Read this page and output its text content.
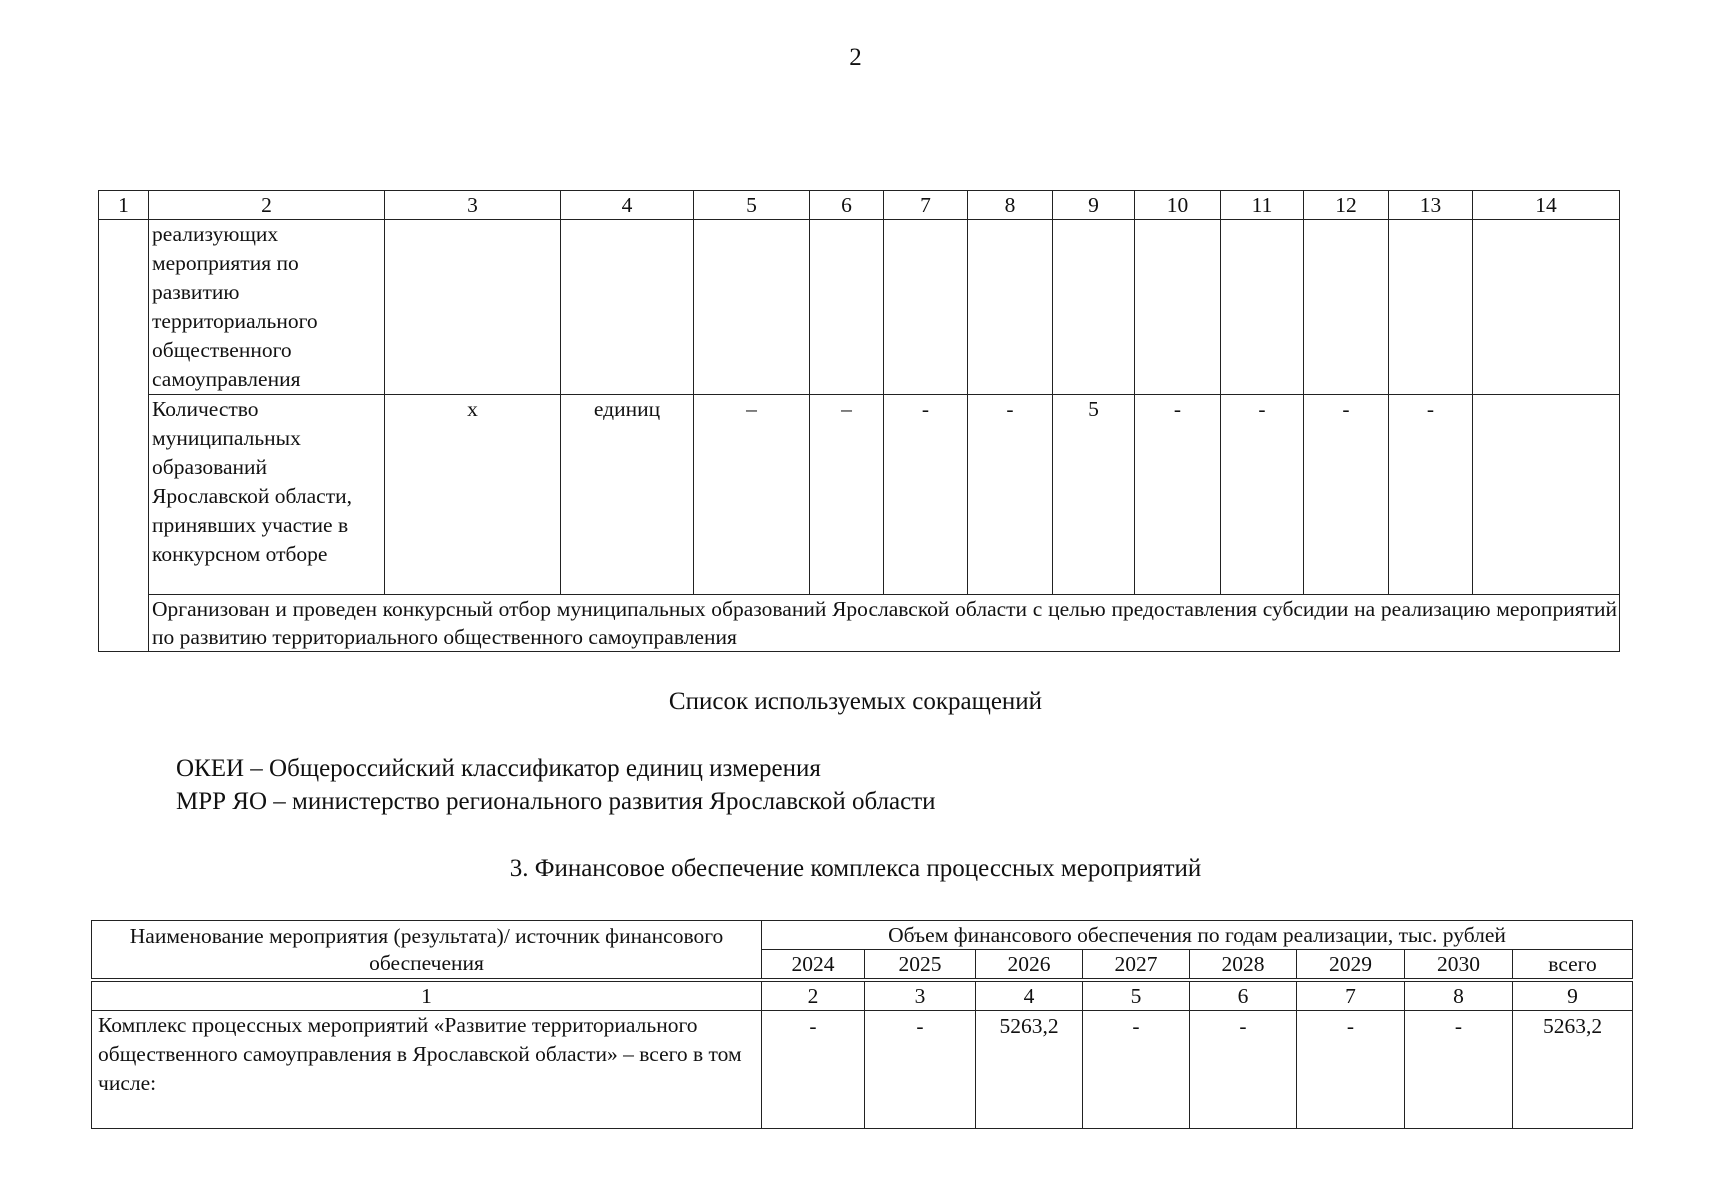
2
1	2	3	4	5	6	7	8	9	10	11	12	13	14
	реализующих мероприятия по развитию территориального общественного самоуправления												
	Количество муниципальных образований Ярославской области, принявших участие в конкурсном отборе	х	единиц	–	–	-	-	5	-	-	-	-	
	Организован и проведен конкурсный отбор муниципальных образований Ярославской области с целью предоставления субсидии на реализацию мероприятий по развитию территориального общественного самоуправления												
Список используемых сокращений
ОКЕИ – Общероссийский классификатор единиц измерения
МРР ЯО – министерство регионального развития Ярославской области
3. Финансовое обеспечение комплекса процессных мероприятий
Наименование мероприятия (результата)/ источник финансового обеспечения	Объем финансового обеспечения по годам реализации, тыс. рублей							
	2024	2025	2026	2027	2028	2029	2030	всего

1	2	3	4	5	6	7	8	9
Комплекс процессных мероприятий «Развитие территориального общественного самоуправления в Ярославской области» – всего в том числе:	-	-	5263,2	-	-	-	-	5263,2
